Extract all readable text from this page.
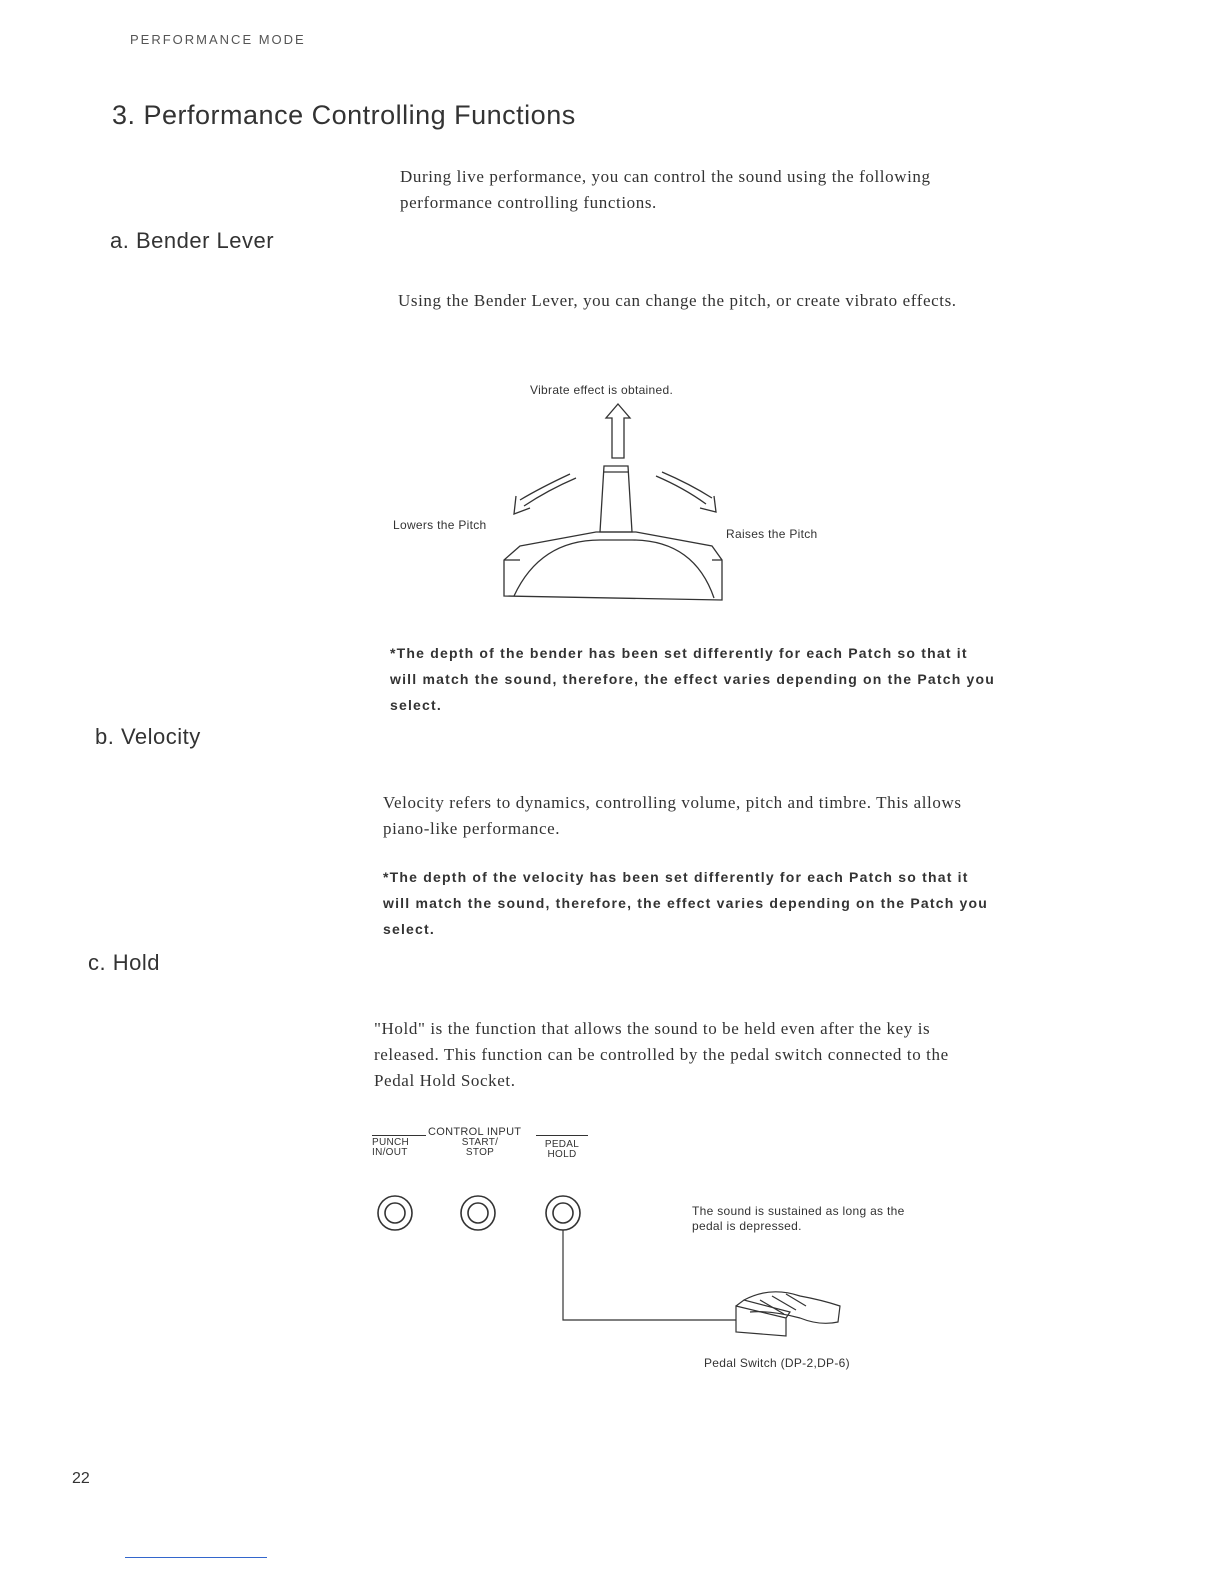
PERFORMANCE MODE
3. Performance Controlling Functions

During live performance, you can control the sound using the following performance controlling functions.

a. Bender Lever

Using the Bender Lever, you can change the pitch, or create vibrato effects.

Vibrate effect is obtained.
Lowers the Pitch
Raises the Pitch

*The depth of the bender has been set differently for each Patch so that it will match the sound, therefore, the effect varies depending on the Patch you select.

b. Velocity

Velocity refers to dynamics, controlling volume, pitch and timbre. This allows piano-like performance.

*The depth of the velocity has been set differently for each Patch so that it will match the sound, therefore, the effect varies depending on the Patch you select.

c. Hold

"Hold" is the function that allows the sound to be held even after the key is released. This function can be controlled by the pedal switch connected to the Pedal Hold Socket.

CONTROL INPUT
PUNCH IN/OUT
START/ STOP
PEDAL HOLD
The sound is sustained as long as the pedal is depressed.
Pedal Switch (DP-2,DP-6)
22
